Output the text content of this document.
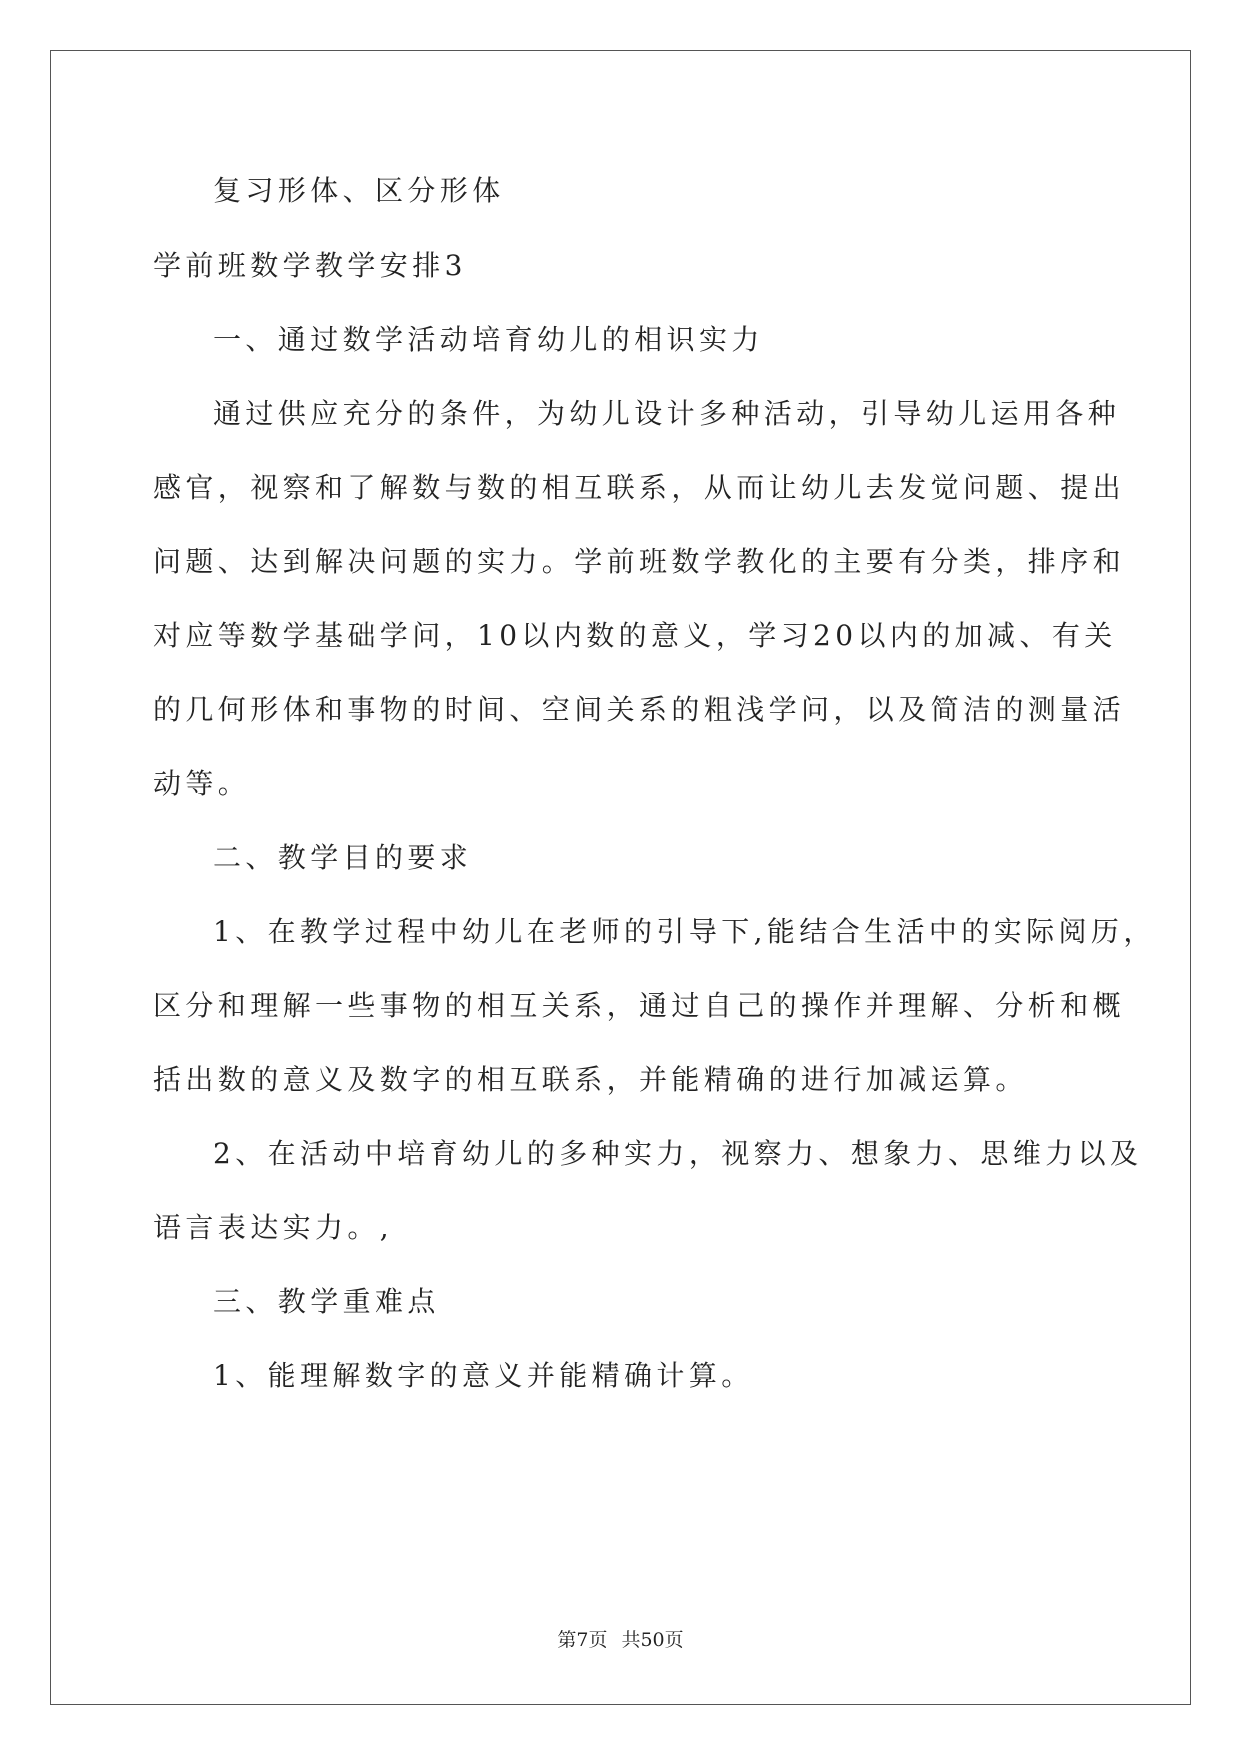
复习形体、区分形体
学前班数学教学安排3
一、通过数学活动培育幼儿的相识实力
通过供应充分的条件，为幼儿设计多种活动，引导幼儿运用各种
感官，视察和了解数与数的相互联系，从而让幼儿去发觉问题、提出
问题、达到解决问题的实力。学前班数学教化的主要有分类，排序和
对应等数学基础学问，10以内数的意义，学习20以内的加减、有关
的几何形体和事物的时间、空间关系的粗浅学问，以及简洁的测量活
动等。
二、教学目的要求
1、在教学过程中幼儿在老师的引导下,能结合生活中的实际阅历，
区分和理解一些事物的相互关系，通过自己的操作并理解、分析和概
括出数的意义及数字的相互联系，并能精确的进行加减运算。
2、在活动中培育幼儿的多种实力，视察力、想象力、思维力以及
语言表达实力。,
三、教学重难点
1、能理解数字的意义并能精确计算。
第7页 共50页
